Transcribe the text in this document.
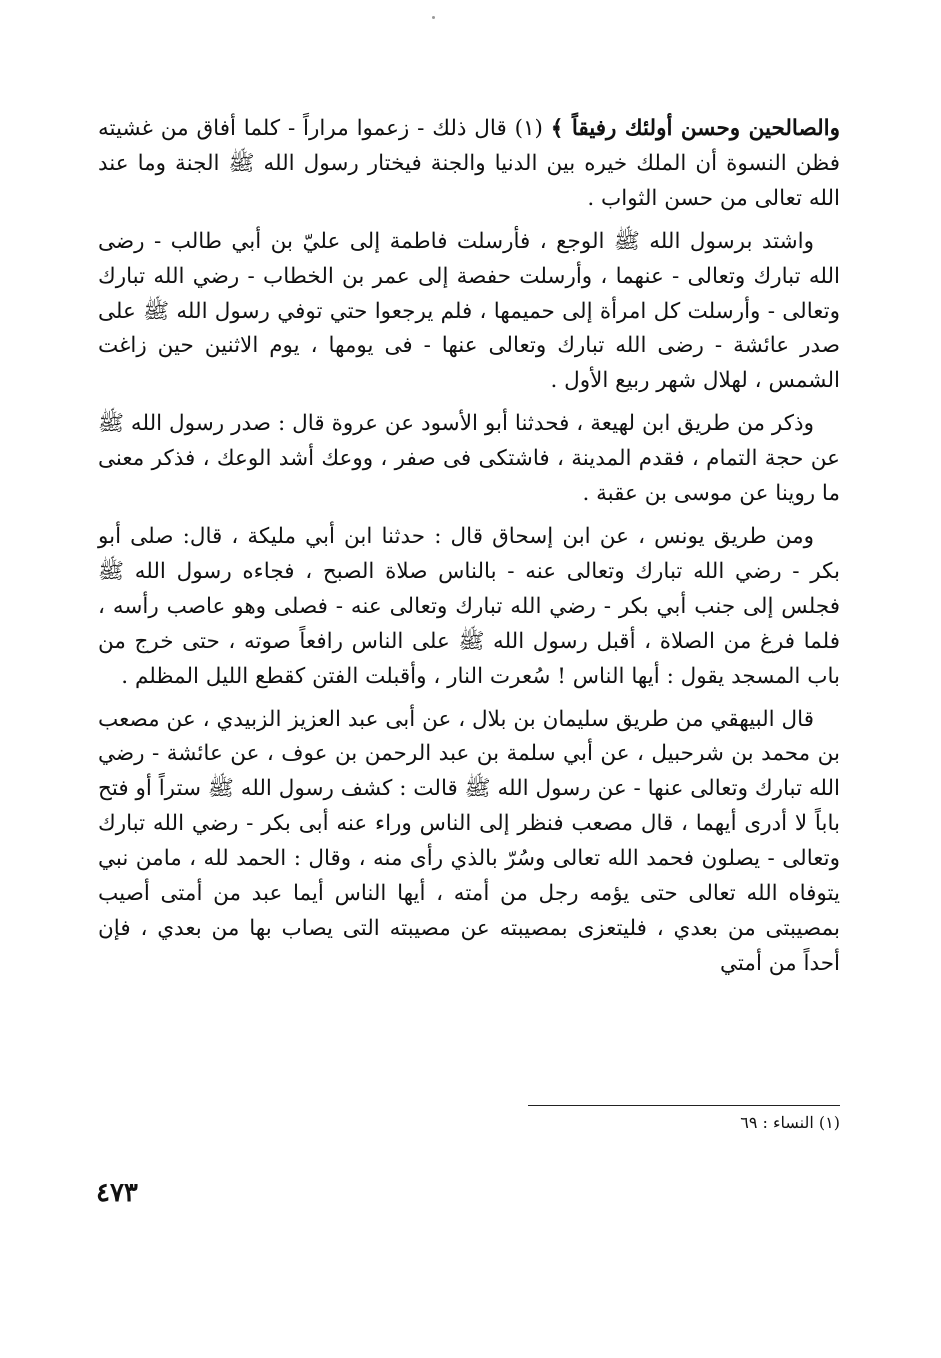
والصالحين وحسن أولئك رفيقاً ﴾ (١) قال ذلك - زعموا مراراً - كلما أفاق من غشيته فظن النسوة أن الملك خيره بين الدنيا والجنة فيختار رسول الله ﷺ الجنة وما عند الله تعالى من حسن الثواب .

واشتد برسول الله ﷺ الوجع ، فأرسلت فاطمة إلى عليّ بن أبي طالب - رضى الله تبارك وتعالى - عنهما ، وأرسلت حفصة إلى عمر بن الخطاب - رضي الله تبارك وتعالى - وأرسلت كل امرأة إلى حميمها ، فلم يرجعوا حتي توفي رسول الله ﷺ على صدر عائشة - رضى الله تبارك وتعالى عنها - فى يومها ، يوم الاثنين حين زاغت الشمس ، لهلال شهر ربيع الأول .

وذكر من طريق ابن لهيعة ، فحدثنا أبو الأسود عن عروة قال : صدر رسول الله ﷺ عن حجة التمام ، فقدم المدينة ، فاشتكى فى صفر ، ووعك أشد الوعك ، فذكر معنى ما روينا عن موسى بن عقبة .

ومن طريق يونس ، عن ابن إسحاق قال : حدثنا ابن أبي مليكة ، قال: صلى أبو بكر - رضي الله تبارك وتعالى عنه - بالناس صلاة الصبح ، فجاءه رسول الله ﷺ فجلس إلى جنب أبي بكر - رضي الله تبارك وتعالى عنه - فصلى وهو عاصب رأسه ، فلما فرغ من الصلاة ، أقبل رسول الله ﷺ على الناس رافعاً صوته ، حتى خرج من باب المسجد يقول : أيها الناس ! سُعرت النار ، وأقبلت الفتن كقطع الليل المظلم .

قال البيهقي من طريق سليمان بن بلال ، عن أبى عبد العزيز الزبيدي ، عن مصعب بن محمد بن شرحبيل ، عن أبي سلمة بن عبد الرحمن بن عوف ، عن عائشة - رضي الله تبارك وتعالى عنها - عن رسول الله ﷺ قالت : كشف رسول الله ﷺ ستراً أو فتح باباً لا أدرى أيهما ، قال مصعب فنظر إلى الناس وراء عنه أبى بكر - رضي الله تبارك وتعالى - يصلون فحمد الله تعالى وسُرّ بالذي رأى منه ، وقال : الحمد لله ، مامن نبي يتوفاه الله تعالى حتى يؤمه رجل من أمته ، أيها الناس أيما عبد من أمتى أصيب بمصيبتى من بعدي ، فليتعزى بمصيبته عن مصيبته التى يصاب بها من بعدي ، فإن أحداً من أمتي

(١) النساء : ٦٩
٤٧٣
